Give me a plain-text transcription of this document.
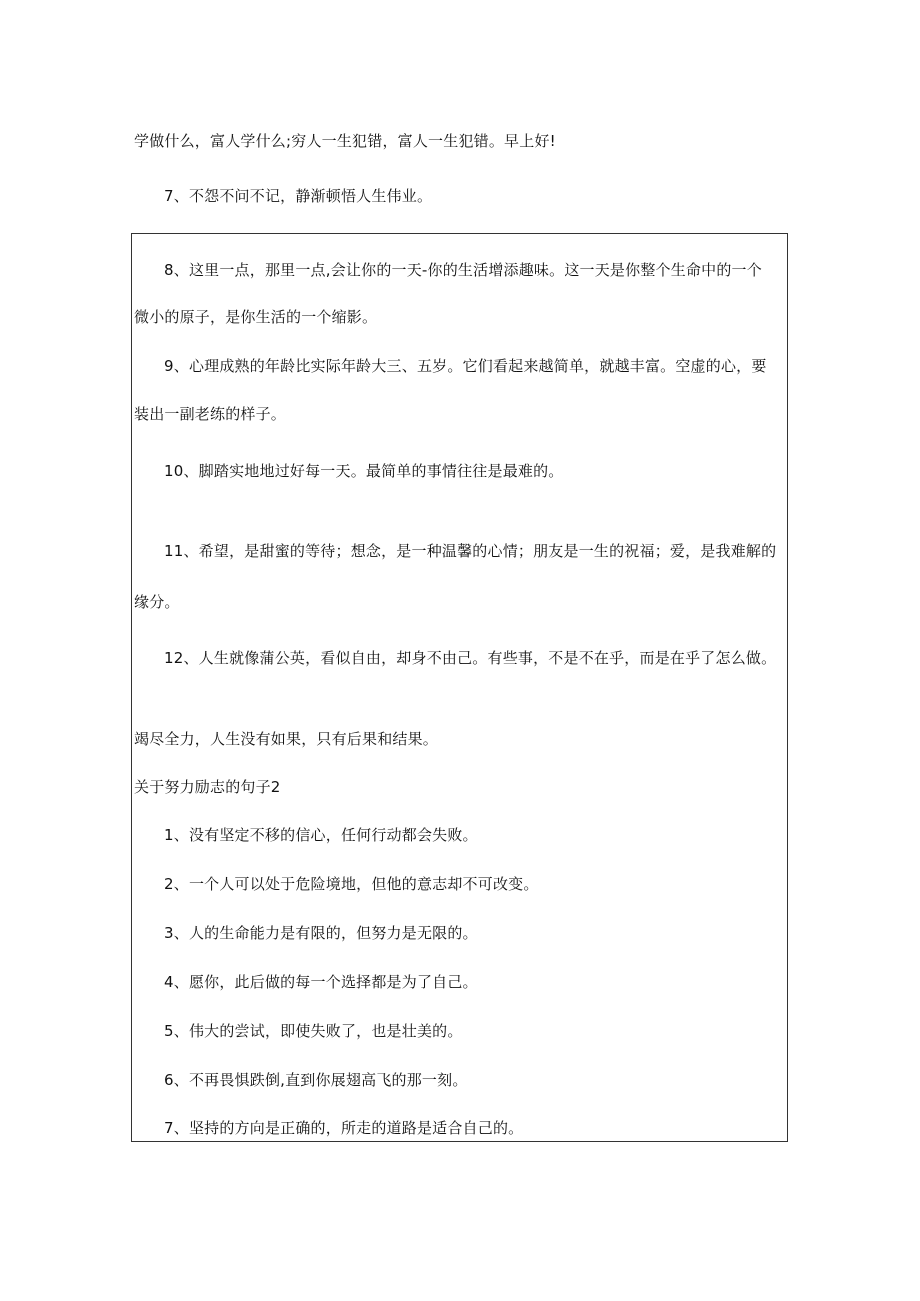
学做什么，富人学什么;穷人一生犯错，富人一生犯错。早上好!
7、不怨不问不记，静渐顿悟人生伟业。
8、这里一点，那里一点,会让你的一天-你的生活增添趣味。这一天是你整个生命中的一个
微小的原子，是你生活的一个缩影。
9、心理成熟的年龄比实际年龄大三、五岁。它们看起来越简单，就越丰富。空虚的心，要
装出一副老练的样子。
10、脚踏实地地过好每一天。最简单的事情往往是最难的。
11、希望，是甜蜜的等待；想念，是一种温馨的心情；朋友是一生的祝福；爱，是我难解的
缘分。
12、人生就像蒲公英，看似自由，却身不由己。有些事，不是不在乎，而是在乎了怎么做。
竭尽全力，人生没有如果，只有后果和结果。
关于努力励志的句子2
1、没有坚定不移的信心，任何行动都会失败。
2、一个人可以处于危险境地，但他的意志却不可改变。
3、人的生命能力是有限的，但努力是无限的。
4、愿你，此后做的每一个选择都是为了自己。
5、伟大的尝试，即使失败了，也是壮美的。
6、不再畏惧跌倒,直到你展翅高飞的那一刻。
7、坚持的方向是正确的，所走的道路是适合自己的。
